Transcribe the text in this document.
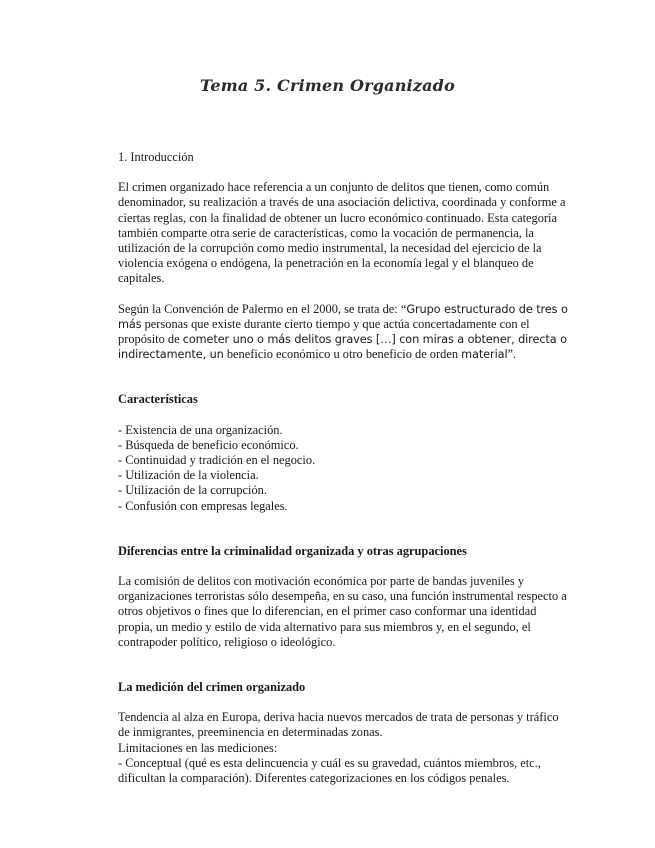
Tema 5. Crimen Organizado

1. Introducción

El crimen organizado hace referencia a un conjunto de delitos que tienen, como común denominador, su realización a través de una asociación delictiva, coordinada y conforme a ciertas reglas, con la finalidad de obtener un lucro económico continuado. Esta categoría también comparte otra serie de características, como la vocación de permanencia, la utilización de la corrupción como medio instrumental, la necesidad del ejercicio de la violencia exógena o endógena, la penetración en la economía legal y el blanqueo de capitales.

Según la Convención de Palermo en el 2000, se trata de: “Grupo estructurado de tres o más personas que existe durante cierto tiempo y que actúa concertadamente con el propósito de cometer uno o más delitos graves […] con miras a obtener, directa o indirectamente, un beneficio económico u otro beneficio de orden material”.

Características

- Existencia de una organización.
- Búsqueda de beneficio económico.
- Continuidad y tradición en el negocio.
- Utilización de la violencia.
- Utilización de la corrupción.
- Confusión con empresas legales.

Diferencias entre la criminalidad organizada y otras agrupaciones

La comisión de delitos con motivación económica por parte de bandas juveniles y organizaciones terroristas sólo desempeña, en su caso, una función instrumental respecto a otros objetivos o fines que lo diferencian, en el primer caso conformar una identidad propia, un medio y estilo de vida alternativo para sus miembros y, en el segundo, el contrapoder político, religioso o ideológico.

La medición del crimen organizado

Tendencia al alza en Europa, deriva hacia nuevos mercados de trata de personas y tráfico de inmigrantes, preeminencia en determinadas zonas.

Limitaciones en las mediciones:

- Conceptual (qué es esta delincuencia y cuál es su gravedad, cuántos miembros, etc., dificultan la comparación). Diferentes categorizaciones en los códigos penales.
